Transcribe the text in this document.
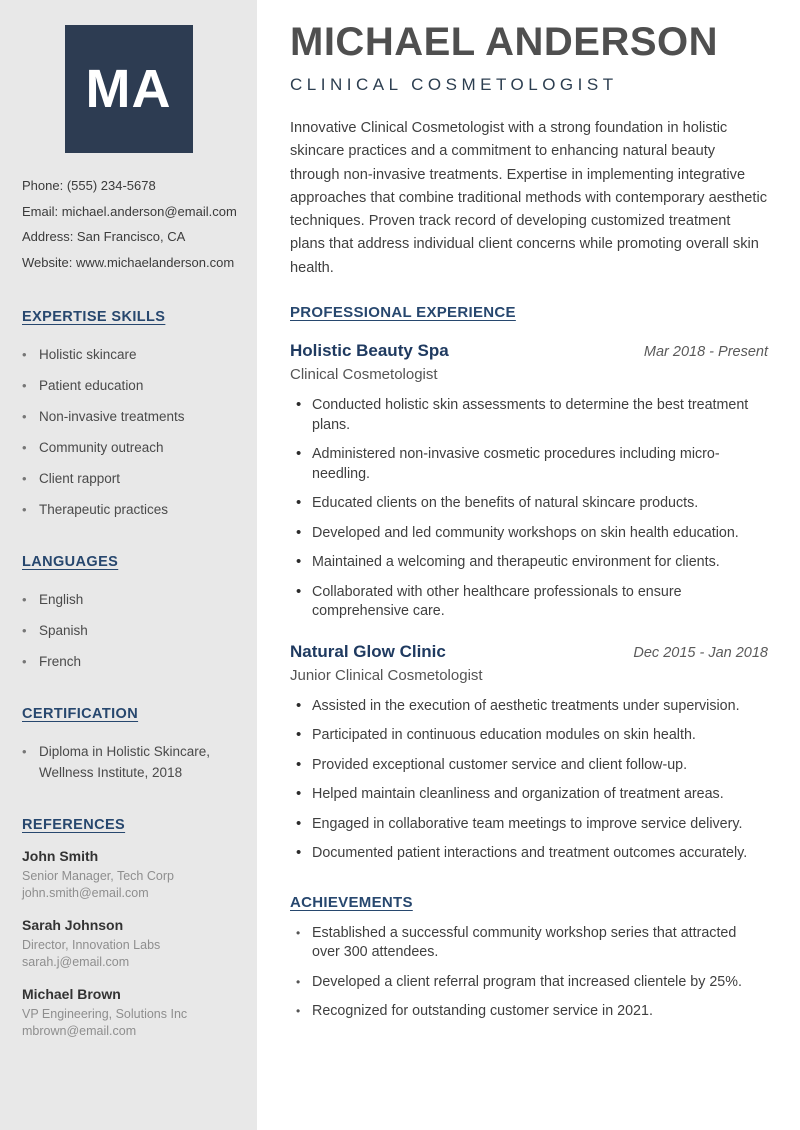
MA
Phone: (555) 234-5678
Email: michael.anderson@email.com
Address: San Francisco, CA
Website: www.michaelanderson.com
EXPERTISE SKILLS
• Holistic skincare
• Patient education
• Non-invasive treatments
• Community outreach
• Client rapport
• Therapeutic practices
LANGUAGES
• English
• Spanish
• French
CERTIFICATION
• Diploma in Holistic Skincare, Wellness Institute, 2018
REFERENCES
John Smith
Senior Manager, Tech Corp
john.smith@email.com
Sarah Johnson
Director, Innovation Labs
sarah.j@email.com
Michael Brown
VP Engineering, Solutions Inc
mbrown@email.com
MICHAEL ANDERSON
CLINICAL COSMETOLOGIST

Innovative Clinical Cosmetologist with a strong foundation in holistic skincare practices and a commitment to enhancing natural beauty through non-invasive treatments. Expertise in implementing integrative approaches that combine traditional methods with contemporary aesthetic techniques. Proven track record of developing customized treatment plans that address individual client concerns while promoting overall skin health.

PROFESSIONAL EXPERIENCE
Holistic Beauty Spa	Mar 2018 - Present
Clinical Cosmetologist
• Conducted holistic skin assessments to determine the best treatment plans.
• Administered non-invasive cosmetic procedures including micro-needling.
• Educated clients on the benefits of natural skincare products.
• Developed and led community workshops on skin health education.
• Maintained a welcoming and therapeutic environment for clients.
• Collaborated with other healthcare professionals to ensure comprehensive care.
Natural Glow Clinic	Dec 2015 - Jan 2018
Junior Clinical Cosmetologist
• Assisted in the execution of aesthetic treatments under supervision.
• Participated in continuous education modules on skin health.
• Provided exceptional customer service and client follow-up.
• Helped maintain cleanliness and organization of treatment areas.
• Engaged in collaborative team meetings to improve service delivery.
• Documented patient interactions and treatment outcomes accurately.
ACHIEVEMENTS
• Established a successful community workshop series that attracted over 300 attendees.
• Developed a client referral program that increased clientele by 25%.
• Recognized for outstanding customer service in 2021.
